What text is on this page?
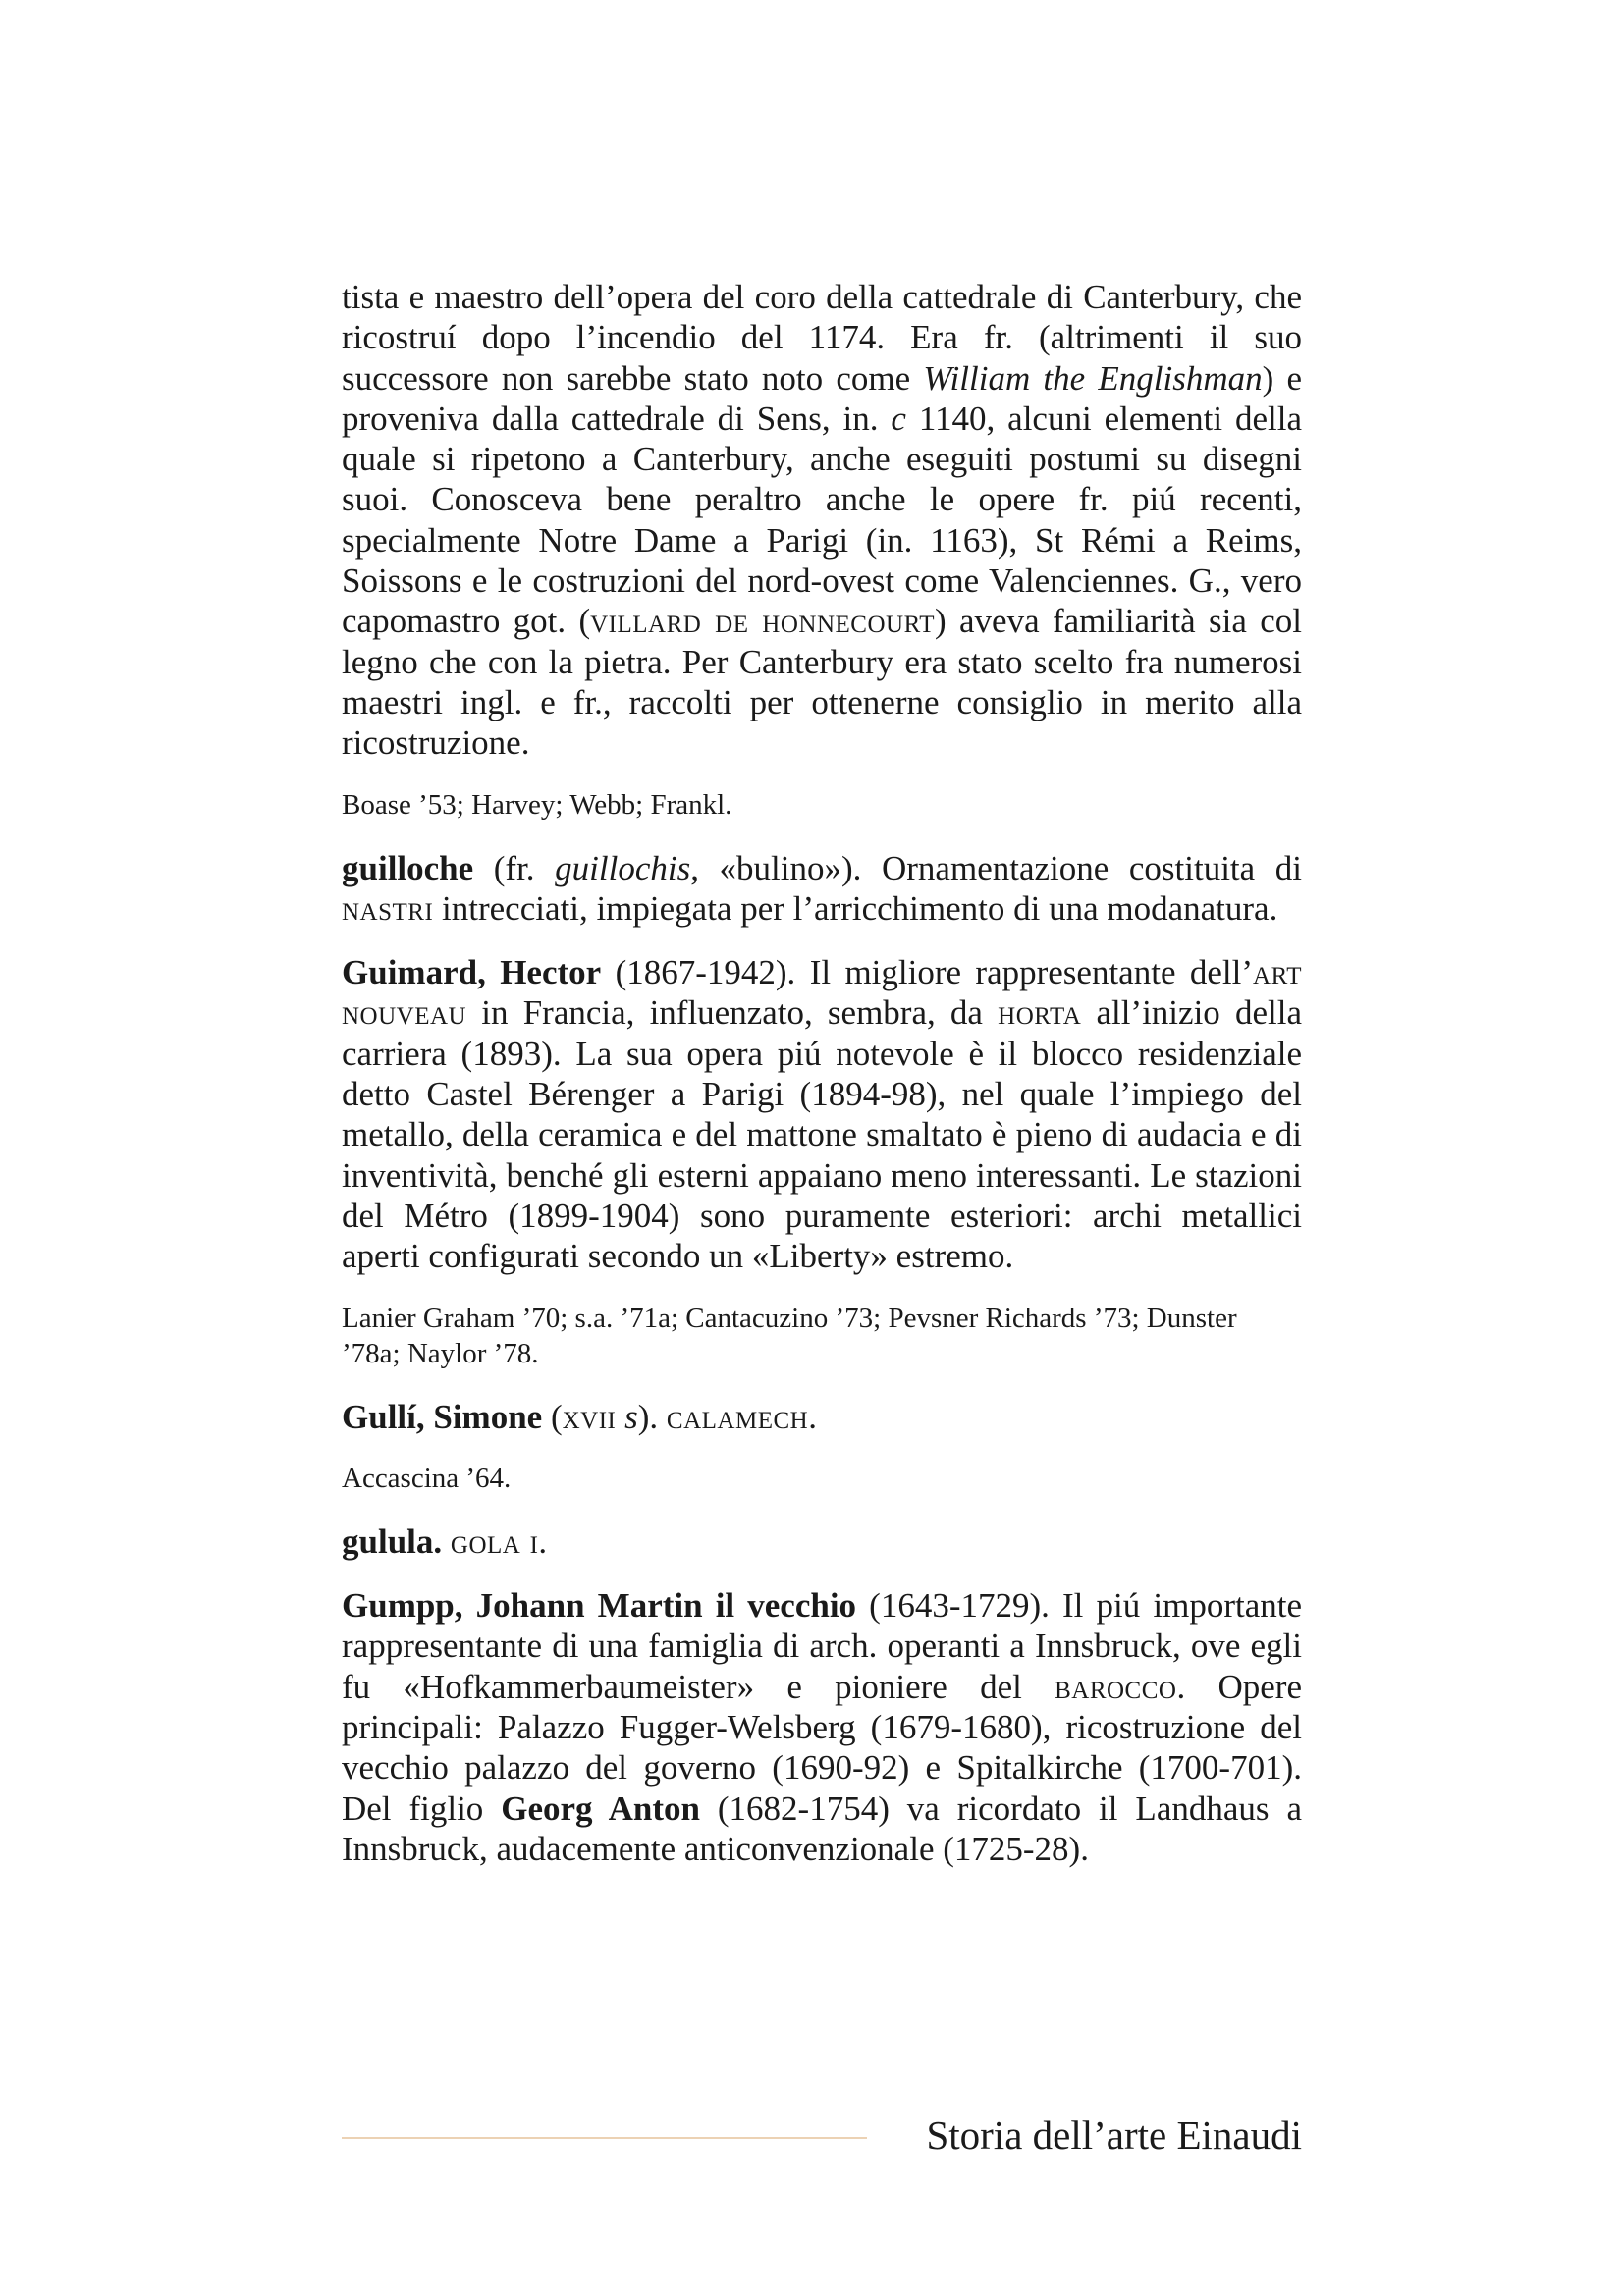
tista e maestro dell’opera del coro della cattedrale di Canterbury, che ricostruí dopo l’incendio del 1174. Era fr. (altrimenti il suo successore non sarebbe stato noto come William the Englishman) e proveniva dalla cattedrale di Sens, in. c 1140, alcuni elementi della quale si ripetono a Canterbury, anche eseguiti postumi su disegni suoi. Conosceva bene peraltro anche le opere fr. piú recenti, specialmente Notre Dame a Parigi (in. 1163), St Rémi a Reims, Soissons e le costruzioni del nord-ovest come Valenciennes. G., vero capomastro got. (villard de honnecourt) aveva familiarità sia col legno che con la pietra. Per Canterbury era stato scelto fra numerosi maestri ingl. e fr., raccolti per ottenerne consiglio in merito alla ricostruzione.

Boase ’53; Harvey; Webb; Frankl.

guilloche (fr. guillochis, «bulino»). Ornamentazione costituita di nastri intrecciati, impiegata per l’arricchimento di una modanatura.

Guimard, Hector (1867-1942). Il migliore rappresentante dell’art nouveau in Francia, influenzato, sembra, da horta all’inizio della carriera (1893). La sua opera piú notevole è il blocco residenziale detto Castel Bérenger a Parigi (1894-98), nel quale l’impiego del metallo, della ceramica e del mattone smaltato è pieno di audacia e di inventività, benché gli esterni appaiano meno interessanti. Le stazioni del Métro (1899-1904) sono puramente esteriori: archi metallici aperti configurati secondo un «Liberty» estremo.

Lanier Graham ’70; s.a. ’71a; Cantacuzino ’73; Pevsner Richards ’73; Dunster ’78a; Naylor ’78.

Gullí, Simone (xvii s). calamech.

Accascina ’64.

gulula. gola i.

Gumpp, Johann Martin il vecchio (1643-1729). Il piú importante rappresentante di una famiglia di arch. operanti a Innsbruck, ove egli fu «Hofkammerbaumeister» e pioniere del barocco. Opere principali: Palazzo Fugger-Welsberg (1679-1680), ricostruzione del vecchio palazzo del governo (1690-92) e Spitalkirche (1700-701). Del figlio Georg Anton (1682-1754) va ricordato il Landhaus a Innsbruck, audacemente anticonvenzionale (1725-28).

Storia dell’arte Einaudi
